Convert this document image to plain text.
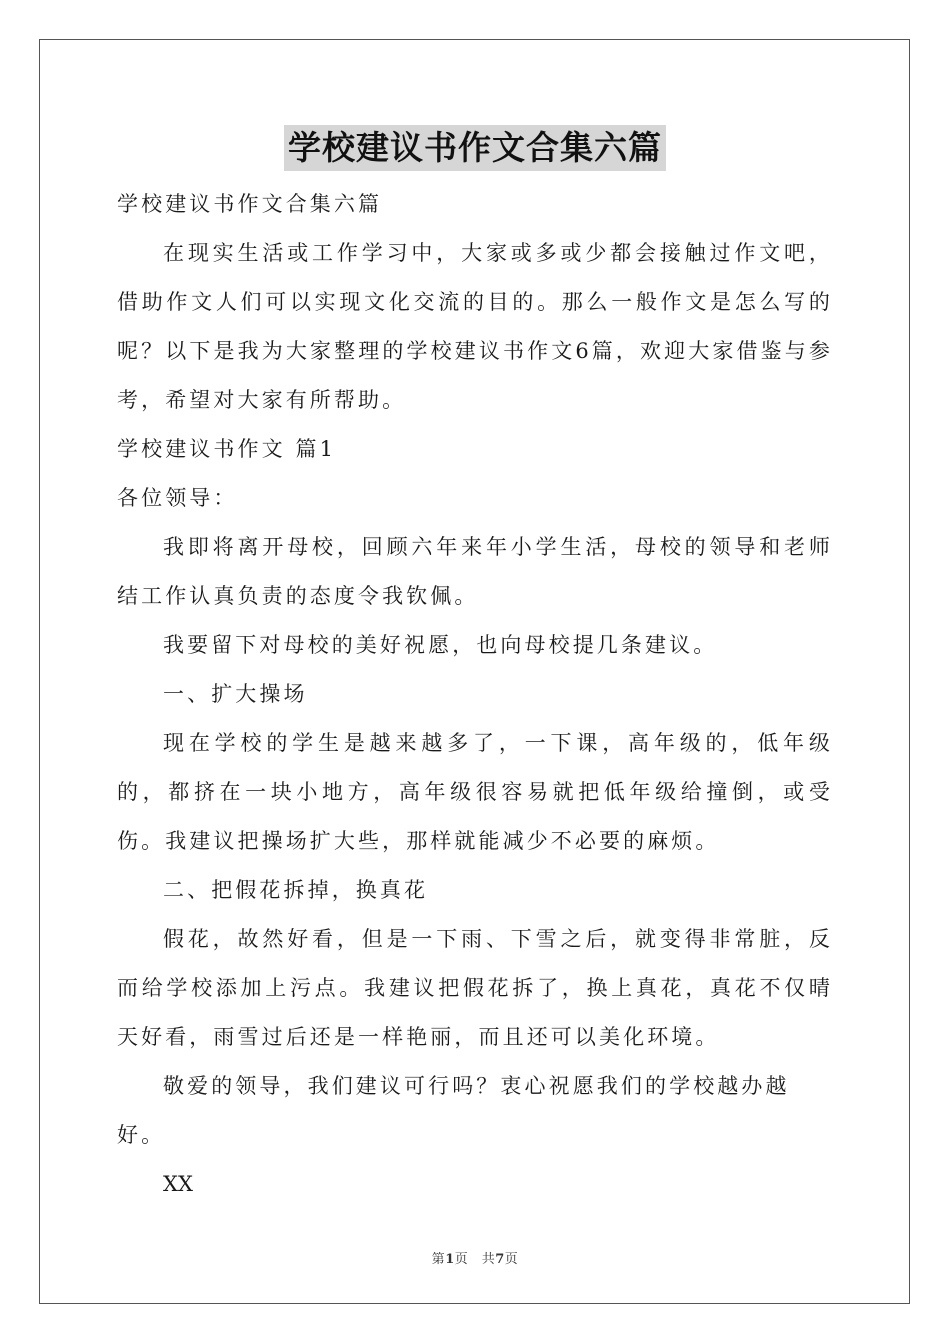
学校建议书作文合集六篇

学校建议书作文合集六篇

在现实生活或工作学习中，大家或多或少都会接触过作文吧，借助作文人们可以实现文化交流的目的。那么一般作文是怎么写的呢？以下是我为大家整理的学校建议书作文6篇，欢迎大家借鉴与参考，希望对大家有所帮助。

学校建议书作文 篇1

各位领导：

我即将离开母校，回顾六年来年小学生活，母校的领导和老师结工作认真负责的态度令我钦佩。

我要留下对母校的美好祝愿，也向母校提几条建议。

一、扩大操场

现在学校的学生是越来越多了，一下课，高年级的，低年级的，都挤在一块小地方，高年级很容易就把低年级给撞倒，或受伤。我建议把操场扩大些，那样就能减少不必要的麻烦。

二、把假花拆掉，换真花

假花，故然好看，但是一下雨、下雪之后，就变得非常脏，反而给学校添加上污点。我建议把假花拆了，换上真花，真花不仅晴天好看，雨雪过后还是一样艳丽，而且还可以美化环境。

敬爱的领导，我们建议可行吗？衷心祝愿我们的学校越办越好。

XX

第1页　共7页
